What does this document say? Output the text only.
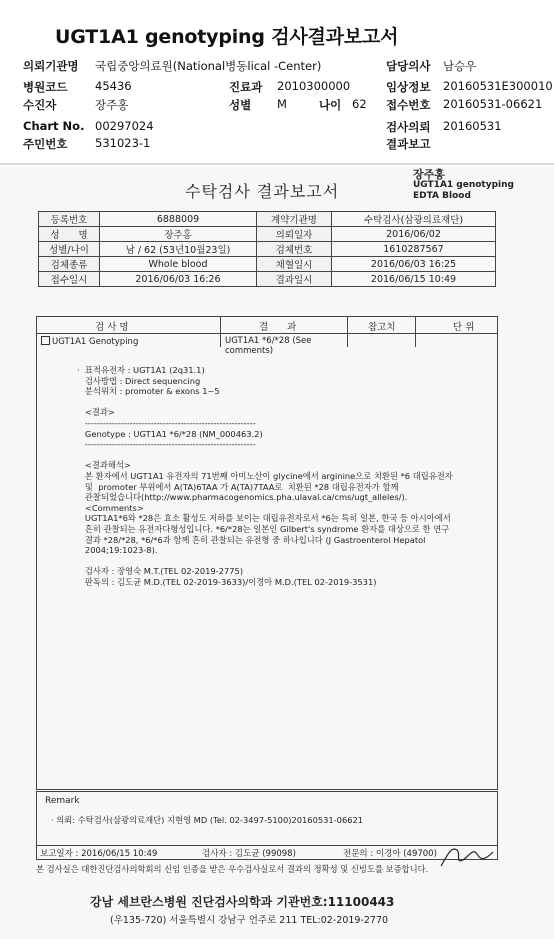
UGT1A1 genotyping 검사결과보고서
의뢰기관명 국립중앙의료원(National병동lical -Center)	담당의사 남승우
병원코드 45436	진료과 2010300000	임상정보 20160531E300010
수진자	장주홍	성별 M	나이 62 접수번호 20160531-06621
Chart No. 00297024	검사의뢰 20160531
주민번호 531023-1	결과보고
수탁검사 결과보고서
장주홍
UGT1A1 genotyping
EDTA Blood
등록번호	6888009	계약기관명	수탁검사(삼광의료재단)
성　　명	장주홍	의뢰일자	2016/06/02
성별/나이	남 / 62 (53년10월23일)	검체번호	1610287567
검체종류	Whole blood	채혈일시	2016/06/03 16:25
접수일시	2016/06/03 16:26	결과일시	2016/06/15 10:49
검 사 명	결　　과	참고치	단 위
UGT1A1 Genotyping	UGT1A1 *6/*28 (See comments)
·  표적유전자 : UGT1A1 (2q31.1)
검사방법 : Direct sequencing
분석위치 : promoter & exons 1~5

<결과>
---------------------------------------------------------
Genotype : UGT1A1 *6/*28 (NM_000463.2)
---------------------------------------------------------

<결과해석>
본 환자에서 UGT1A1 유전자의 71번째 아미노산이 glycine에서 arginine으로 치환된 *6 대립유전자
및  promoter 부위에서 A(TA)6TAA 가 A(TA)7TAA로  치환된 *28 대립유전자가 함께
관찰되었습니다(http://www.pharmacogenomics.pha.ulaval.ca/cms/ugt_alleles/).
<Comments>
UGT1A1*6와 *28은 효소 활성도 저하를 보이는 대립유전자로서 *6는 특히 일본, 한국 등 아시아에서
흔히 관찰되는 유전자다형성입니다. *6/*28는 일본인 Gilbert's syndrome 환자를 대상으로 한 연구
결과 *28/*28, *6/*6과 함께 흔히 관찰되는 유전형 중 하나입니다 (J Gastroenterol Hepatol
2004;19:1023-8).

검사자 : 장영숙 M.T.(TEL 02-2019-2775)
판독의 : 김도균 M.D.(TEL 02-2019-3633)/이경아 M.D.(TEL 02-2019-3531)
Remark
· 의뢰: 수탁검사(삼광의료재단) 지현영 MD (Tel. 02-3497-5100)20160531-06621
보고일자 : 2016/06/15 10:49	검사자 : 김도균 (99098)	전문의 : 이경아 (49700)
본 검사실은 대한진단검사의학회의 신임 인증을 받은 우수검사실로서 결과의 정확성 및 신빙도를 보증합니다.
강남 세브란스병원 진단검사의학과 기관번호:11100443
(우135-720) 서울특별시 강남구 언주로 211 TEL:02-2019-2770
